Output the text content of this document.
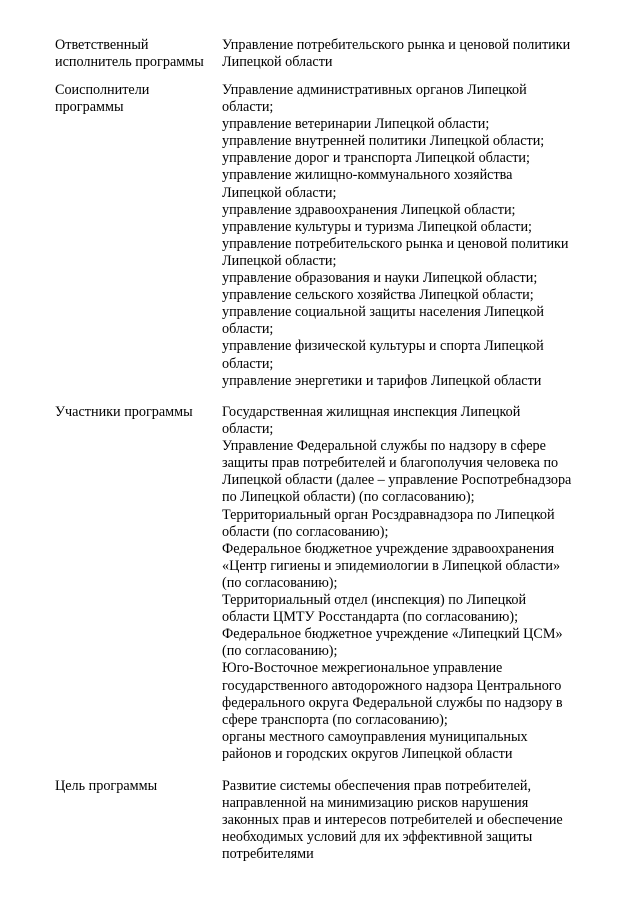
Ответственный
исполнитель программы
Управление потребительского рынка и ценовой политики
Липецкой области
Соисполнители
программы
Управление административных органов Липецкой
области;
управление ветеринарии Липецкой области;
управление внутренней политики Липецкой области;
управление дорог и транспорта Липецкой области;
управление жилищно-коммунального хозяйства
Липецкой области;
управление здравоохранения Липецкой области;
управление культуры и туризма Липецкой области;
управление потребительского рынка и ценовой политики
Липецкой области;
управление образования и науки Липецкой области;
управление сельского хозяйства Липецкой области;
управление социальной защиты населения Липецкой
области;
управление физической культуры и спорта Липецкой
области;
управление энергетики и тарифов Липецкой области
Участники программы	Государственная жилищная инспекция Липецкой
области;
Управление Федеральной службы по надзору в сфере
защиты прав потребителей и благополучия человека по
Липецкой области (далее – управление Роспотребнадзора
по Липецкой области) (по согласованию);
Территориальный орган Росздравнадзора по Липецкой
области (по согласованию);
Федеральное бюджетное учреждение здравоохранения
«Центр гигиены и эпидемиологии в Липецкой области»
(по согласованию);
Территориальный отдел (инспекция) по Липецкой
области ЦМТУ Росстандарта (по согласованию);
Федеральное бюджетное учреждение «Липецкий ЦСМ»
(по согласованию);
Юго-Восточное межрегиональное управление
государственного автодорожного надзора Центрального
федерального округа Федеральной службы по надзору в
сфере транспорта (по согласованию);
органы местного самоуправления муниципальных
районов и городских округов Липецкой области
Цель программы	Развитие системы обеспечения прав потребителей,
направленной на минимизацию рисков нарушения
законных прав и интересов потребителей и обеспечение
необходимых условий для их эффективной защиты
потребителями
